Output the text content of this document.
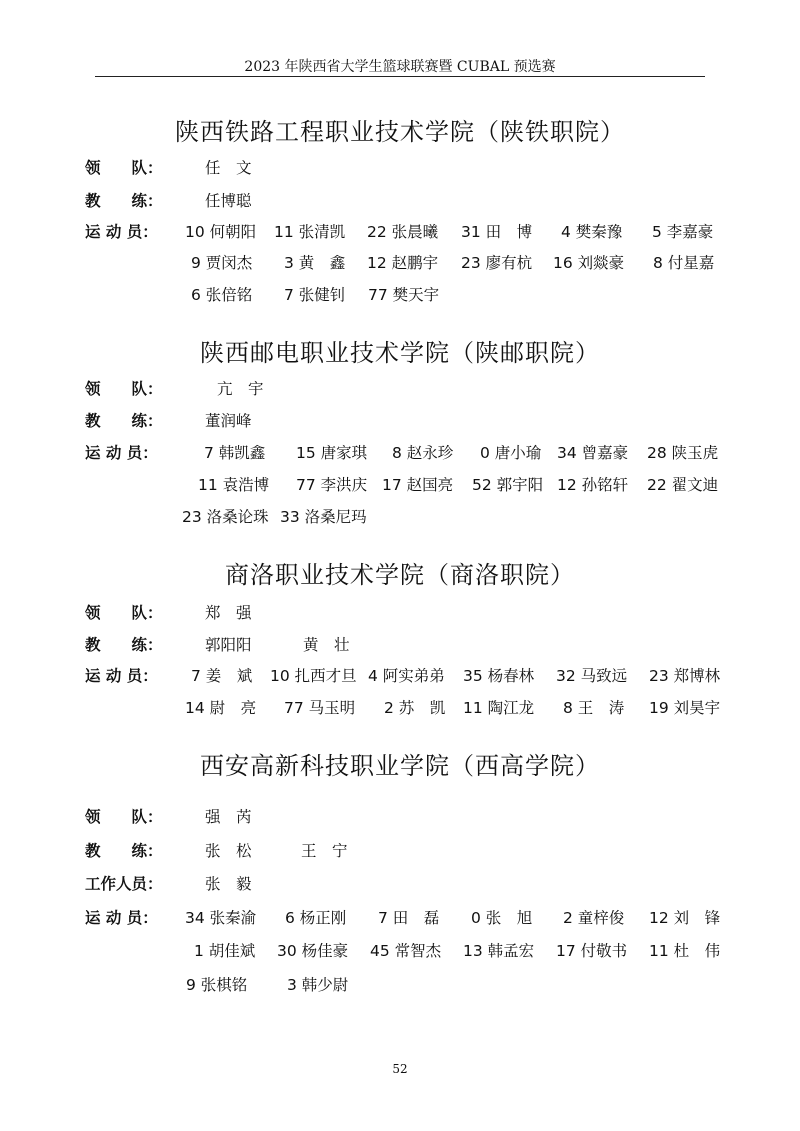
2023 年陕西省大学生篮球联赛暨 CUBAL 预选赛
陕西铁路工程职业技术学院（陕铁职院）
领　　队：	任　文
教　　练：	任博聪
运 动 员： 10 何朝阳 11 张清凯 22 张晨曦 31 田　博 4 樊秦豫 5 李嘉豪
9 贾闵杰 3 黄　鑫 12 赵鹏宇 23 廖有杭 16 刘燚豪 8 付星嘉
6 张倍铭 7 张健钊 77 樊天宇
陕西邮电职业技术学院（陕邮职院）
领　　队：	亢　宇
教　　练：	董润峰
运 动 员：	7 韩凯鑫 15 唐家琪 8 赵永珍 0 唐小瑜 34 曾嘉豪 28 陕玉虎
11 袁浩博 77 李洪庆 17 赵国亮 52 郭宇阳 12 孙铭轩 22 翟文迪
23 洛桑论珠 33 洛桑尼玛
商洛职业技术学院（商洛职院）
领　　队：	郑　强
教　　练：	郭阳阳	黄　壮
运 动 员： 7 姜　斌 10 扎西才旦 4 阿实弟弟 35 杨春林 32 马致远 23 郑博林
14 尉　亮 77 马玉明 2 苏　凯 11 陶江龙 8 王　涛 19 刘昊宇
西安高新科技职业学院（西高学院）
领　　队：	强　芮
教　　练：	张　松	王　宁
工作人员：	张　毅
运 动 员： 34 张秦渝 6 杨正刚 7 田　磊 0 张　旭 2 童梓俊 12 刘　锋
1 胡佳斌 30 杨佳豪 45 常智杰 13 韩孟宏 17 付敬书 11 杜　伟
9 张棋铭	3 韩少尉
52
